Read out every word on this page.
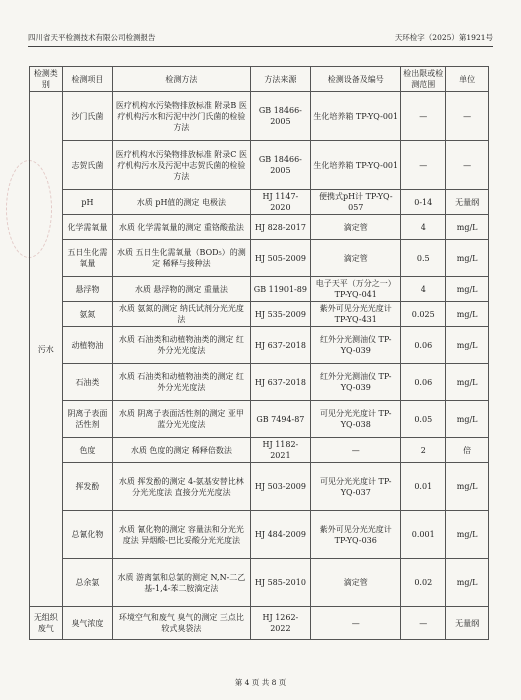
四川省天平检测技术有限公司检测报告	天环检字（2025）第1921号
检测类别	检测项目	检测方法	方法来源	检测设备及编号	检出限或检测范围	单位
污水	沙门氏菌	医疗机构水污染物排放标准 附录B 医疗机构污水和污泥中沙门氏菌的检验方法	GB 18466-2005	生化培养箱 TP-YQ-001	—	—
	志贺氏菌	医疗机构水污染物排放标准 附录C 医疗机构污水及污泥中志贺氏菌的检验方法	GB 18466-2005	生化培养箱 TP-YQ-001	—	—
	pH	水质 pH值的测定 电极法	HJ 1147-2020	便携式pH计 TP-YQ-057	0-14	无量纲
	化学需氧量	水质 化学需氧量的测定 重铬酸盐法	HJ 828-2017	滴定管	4	mg/L
	五日生化需氧量	水质 五日生化需氧量（BOD₅）的测定 稀释与接种法	HJ 505-2009	滴定管	0.5	mg/L
	悬浮物	水质 悬浮物的测定 重量法	GB 11901-89	电子天平（万分之一）TP-YQ-041	4	mg/L
	氨氮	水质 氨氮的测定 纳氏试剂分光光度法	HJ 535-2009	紫外可见分光光度计 TP-YQ-431	0.025	mg/L
	动植物油	水质 石油类和动植物油类的测定 红外分光光度法	HJ 637-2018	红外分光测油仪 TP-YQ-039	0.06	mg/L
	石油类	水质 石油类和动植物油类的测定 红外分光光度法	HJ 637-2018	红外分光测油仪 TP-YQ-039	0.06	mg/L
	阴离子表面活性剂	水质 阴离子表面活性剂的测定 亚甲蓝分光光度法	GB 7494-87	可见分光光度计 TP-YQ-038	0.05	mg/L
	色度	水质 色度的测定 稀释倍数法	HJ 1182-2021	—	2	倍
	挥发酚	水质 挥发酚的测定 4-氨基安替比林分光光度法 直接分光光度法	HJ 503-2009	可见分光光度计 TP-YQ-037	0.01	mg/L
	总氰化物	水质 氰化物的测定 容量法和分光光度法 异烟酸-巴比妥酸分光光度法	HJ 484-2009	紫外可见分光光度计 TP-YQ-036	0.001	mg/L
	总余氯	水质 游离氯和总氯的测定 N,N-二乙基-1,4-苯二胺滴定法	HJ 585-2010	滴定管	0.02	mg/L
无组织废气	臭气浓度	环境空气和废气 臭气的测定 三点比较式臭袋法	HJ 1262-2022	—	—	无量纲
第 4 页 共 8 页
